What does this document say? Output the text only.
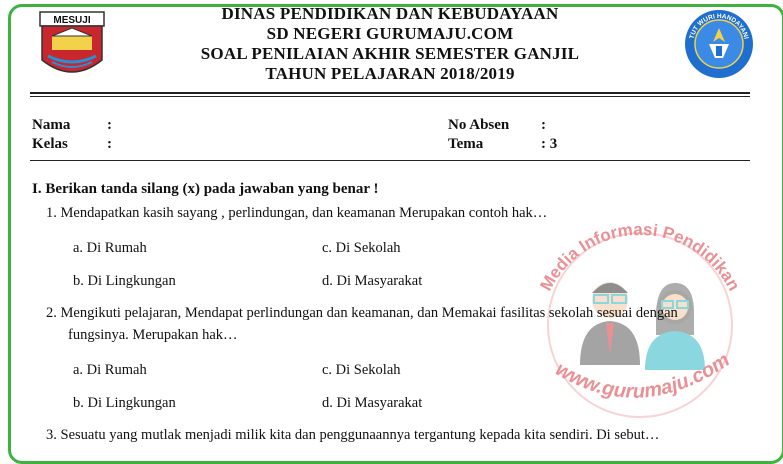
MESUJI	DINAS PENDIDIKAN DAN KEBUDAYAAN
SD NEGERI GURUMAJU.COM
SOAL PENILAIAN AKHIR SEMESTER GANJIL
TAHUN PELAJARAN 2018/2019
TUT WURI HANDAYANI
Nama :
Kelas	:
No Absen :
Tema	: 3
Media Informasi Pendidikan
www.gurumaju.com
I. Berikan tanda silang (x) pada jawaban yang benar !
1. Mendapatkan kasih sayang , perlindungan, dan keamanan Merupakan contoh hak…
a. Di Rumah	c. Di Sekolah
b. Di Lingkungan	d. Di Masyarakat
2. Mengikuti pelajaran, Mendapat perlindungan dan keamanan, dan Memakai fasilitas sekolah sesuai dengan
fungsinya. Merupakan hak…
a. Di Rumah	c. Di Sekolah
b. Di Lingkungan	d. Di Masyarakat
3. Sesuatu yang mutlak menjadi milik kita dan penggunaannya tergantung kepada kita sendiri. Di sebut…
